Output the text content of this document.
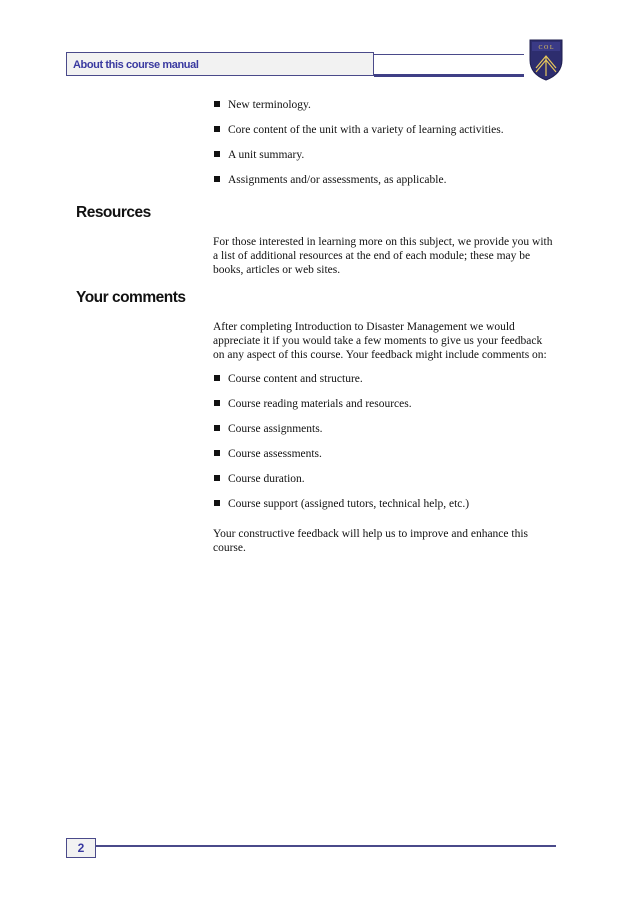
About this course manual
C O L
New terminology.
Core content of the unit with a variety of learning activities.
A unit summary.
Assignments and/or assessments, as applicable.
Resources

For those interested in learning more on this subject, we provide you with
a list of additional resources at the end of each module; these may be
books, articles or web sites.

Your comments

After completing Introduction to Disaster Management we would
appreciate it if you would take a few moments to give us your feedback
on any aspect of this course. Your feedback might include comments on:

Course content and structure.
Course reading materials and resources.
Course assignments.
Course assessments.
Course duration.
Course support (assigned tutors, technical help, etc.)

Your constructive feedback will help us to improve and enhance this
course.

2
